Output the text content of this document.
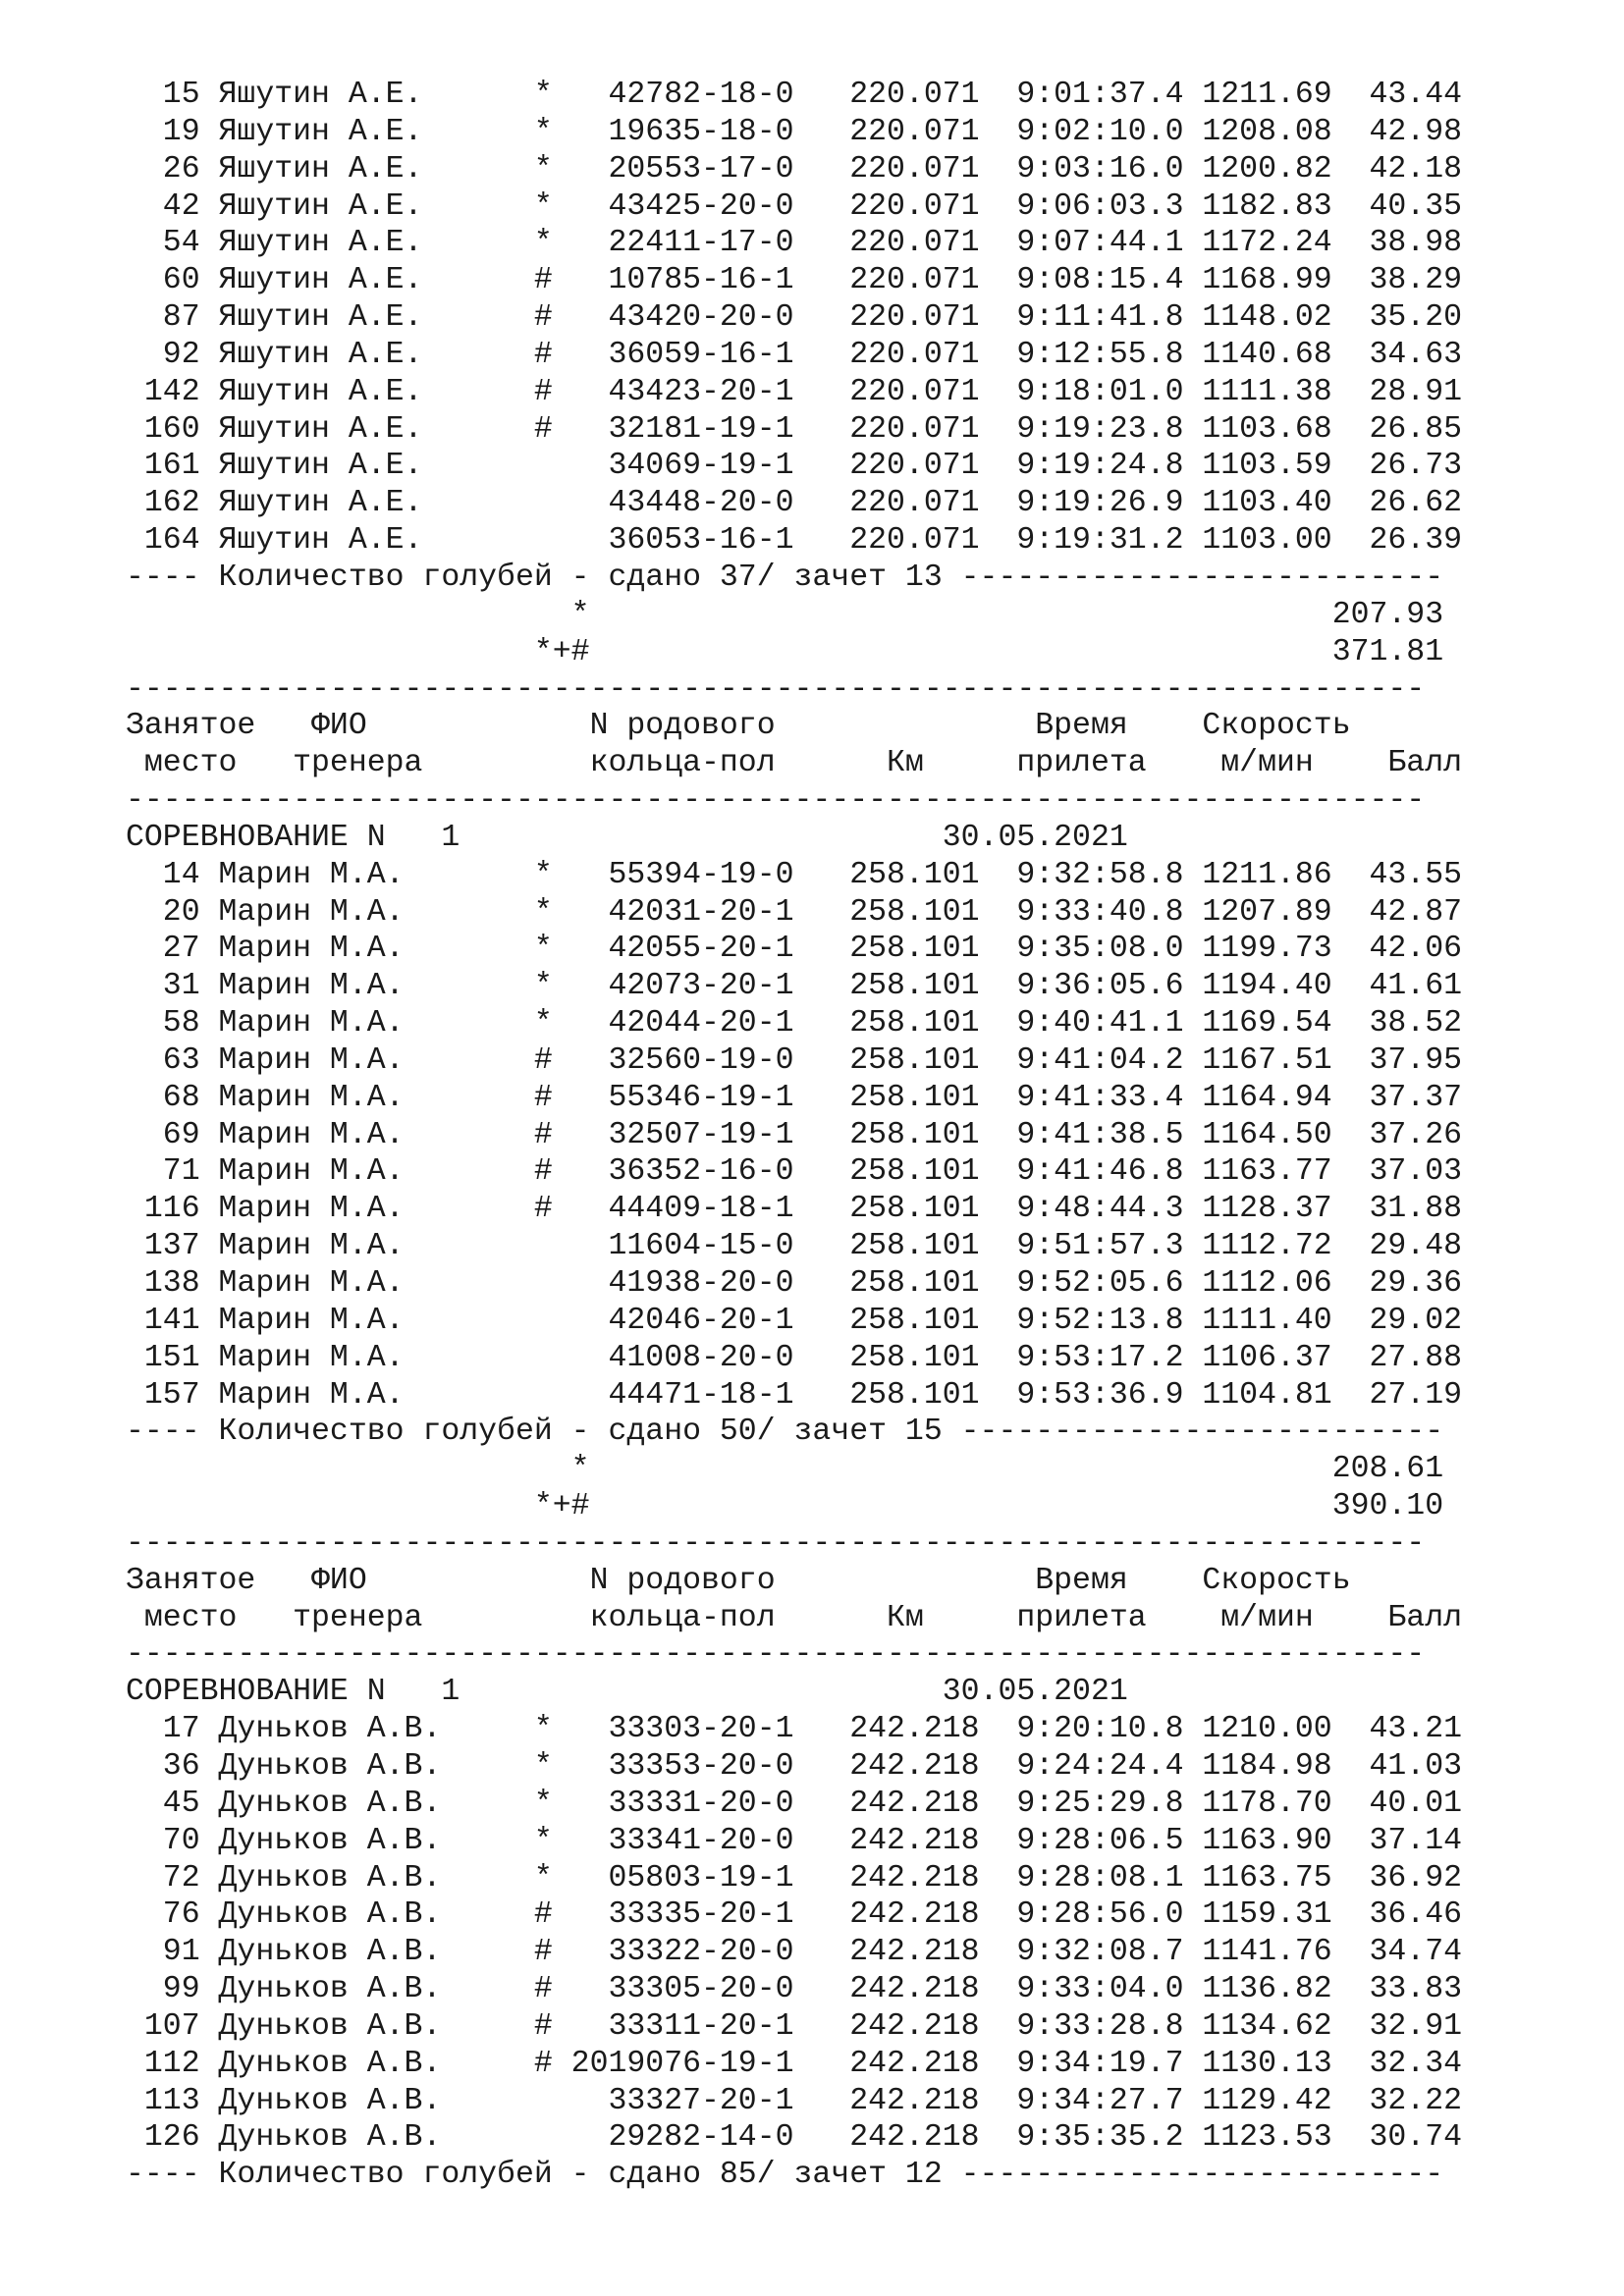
15 Яшутин А.Е.      *   42782-18-0   220.071  9:01:37.4 1211.69  43.44
19 Яшутин А.Е.      *   19635-18-0   220.071  9:02:10.0 1208.08  42.98
26 Яшутин А.Е.      *   20553-17-0   220.071  9:03:16.0 1200.82  42.18
42 Яшутин А.Е.      *   43425-20-0   220.071  9:06:03.3 1182.83  40.35
54 Яшутин А.Е.      *   22411-17-0   220.071  9:07:44.1 1172.24  38.98
60 Яшутин А.Е.      #   10785-16-1   220.071  9:08:15.4 1168.99  38.29
87 Яшутин А.Е.      #   43420-20-0   220.071  9:11:41.8 1148.02  35.20
92 Яшутин А.Е.      #   36059-16-1   220.071  9:12:55.8 1140.68  34.63
142 Яшутин А.Е.      #   43423-20-1   220.071  9:18:01.0 1111.38  28.91
160 Яшутин А.Е.      #   32181-19-1   220.071  9:19:23.8 1103.68  26.85
161 Яшутин А.Е.          34069-19-1   220.071  9:19:24.8 1103.59  26.73
162 Яшутин А.Е.          43448-20-0   220.071  9:19:26.9 1103.40  26.62
164 Яшутин А.Е.          36053-16-1   220.071  9:19:31.2 1103.00  26.39
---- Количество голубей - сдано 37/ зачет 13 --------------------------
*                                        207.93
*+#                                        371.81
----------------------------------------------------------------------
Занятое   ФИО            N родового              Время    Скорость
место   тренера         кольца-пол      Км     прилета    м/мин    Балл
----------------------------------------------------------------------
СОРЕВНОВАНИЕ N   1                          30.05.2021
14 Марин М.А.       *   55394-19-0   258.101  9:32:58.8 1211.86  43.55
20 Марин М.А.       *   42031-20-1   258.101  9:33:40.8 1207.89  42.87
27 Марин М.А.       *   42055-20-1   258.101  9:35:08.0 1199.73  42.06
31 Марин М.А.       *   42073-20-1   258.101  9:36:05.6 1194.40  41.61
58 Марин М.А.       *   42044-20-1   258.101  9:40:41.1 1169.54  38.52
63 Марин М.А.       #   32560-19-0   258.101  9:41:04.2 1167.51  37.95
68 Марин М.А.       #   55346-19-1   258.101  9:41:33.4 1164.94  37.37
69 Марин М.А.       #   32507-19-1   258.101  9:41:38.5 1164.50  37.26
71 Марин М.А.       #   36352-16-0   258.101  9:41:46.8 1163.77  37.03
116 Марин М.А.       #   44409-18-1   258.101  9:48:44.3 1128.37  31.88
137 Марин М.А.           11604-15-0   258.101  9:51:57.3 1112.72  29.48
138 Марин М.А.           41938-20-0   258.101  9:52:05.6 1112.06  29.36
141 Марин М.А.           42046-20-1   258.101  9:52:13.8 1111.40  29.02
151 Марин М.А.           41008-20-0   258.101  9:53:17.2 1106.37  27.88
157 Марин М.А.           44471-18-1   258.101  9:53:36.9 1104.81  27.19
---- Количество голубей - сдано 50/ зачет 15 --------------------------
*                                        208.61
*+#                                        390.10
----------------------------------------------------------------------
Занятое   ФИО            N родового              Время    Скорость
место   тренера         кольца-пол      Км     прилета    м/мин    Балл
----------------------------------------------------------------------
СОРЕВНОВАНИЕ N   1                          30.05.2021
17 Дуньков А.В.     *   33303-20-1   242.218  9:20:10.8 1210.00  43.21
36 Дуньков А.В.     *   33353-20-0   242.218  9:24:24.4 1184.98  41.03
45 Дуньков А.В.     *   33331-20-0   242.218  9:25:29.8 1178.70  40.01
70 Дуньков А.В.     *   33341-20-0   242.218  9:28:06.5 1163.90  37.14
72 Дуньков А.В.     *   05803-19-1   242.218  9:28:08.1 1163.75  36.92
76 Дуньков А.В.     #   33335-20-1   242.218  9:28:56.0 1159.31  36.46
91 Дуньков А.В.     #   33322-20-0   242.218  9:32:08.7 1141.76  34.74
99 Дуньков А.В.     #   33305-20-0   242.218  9:33:04.0 1136.82  33.83
107 Дуньков А.В.     #   33311-20-1   242.218  9:33:28.8 1134.62  32.91
112 Дуньков А.В.     # 2019076-19-1   242.218  9:34:19.7 1130.13  32.34
113 Дуньков А.В.         33327-20-1   242.218  9:34:27.7 1129.42  32.22
126 Дуньков А.В.         29282-14-0   242.218  9:35:35.2 1123.53  30.74
---- Количество голубей - сдано 85/ зачет 12 --------------------------
